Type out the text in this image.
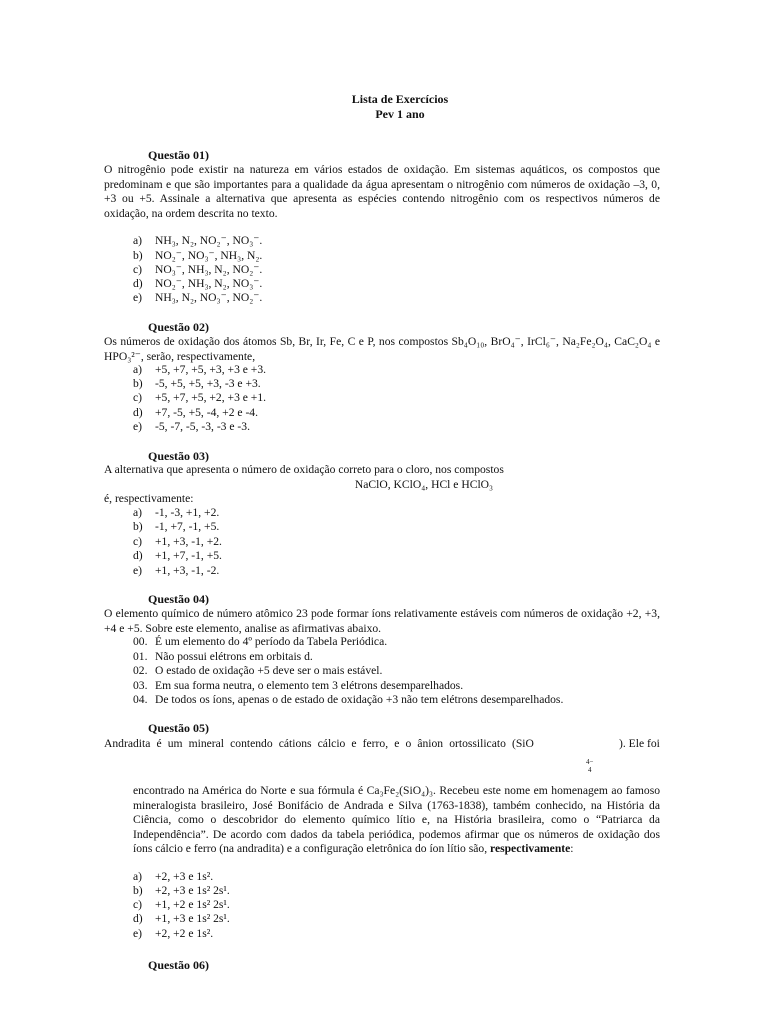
Lista de Exercícios
Pev 1 ano
Questão 01)
O nitrogênio pode existir na natureza em vários estados de oxidação. Em sistemas aquáticos, os compostos que predominam e que são importantes para a qualidade da água apresentam o nitrogênio com números de oxidação –3, 0, +3 ou +5. Assinale a alternativa que apresenta as espécies contendo nitrogênio com os respectivos números de oxidação, na ordem descrita no texto.
a) NH₃, N₂, NO₂⁻, NO₃⁻.
b) NO₂⁻, NO₃⁻, NH₃, N₂.
c) NO₃⁻, NH₃, N₂, NO₂⁻.
d) NO₂⁻, NH₃, N₂, NO₃⁻.
e) NH₃, N₂, NO₃⁻, NO₂⁻.
Questão 02)
Os números de oxidação dos átomos Sb, Br, Ir, Fe, C e P, nos compostos Sb₄O₁₀, BrO₄⁻, IrCl₆⁻, Na₂Fe₂O₄, CaC₂O₄ e HPO₃²⁻, serão, respectivamente,
a) +5, +7, +5, +3, +3 e +3.
b) -5, +5, +5, +3, -3 e +3.
c) +5, +7, +5, +2, +3 e +1.
d) +7, -5, +5, -4, +2 e -4.
e) -5, -7, -5, -3, -3 e -3.
Questão 03)
A alternativa que apresenta o número de oxidação correto para o cloro, nos compostos
NaClO, KClO₄, HCl e HClO₃
é, respectivamente:
a) -1, -3, +1, +2.
b) -1, +7, -1, +5.
c) +1, +3, -1, +2.
d) +1, +7, -1, +5.
e) +1, +3, -1, -2.
Questão 04)
O elemento químico de número atômico 23 pode formar íons relativamente estáveis com números de oxidação +2, +3, +4 e +5. Sobre este elemento, analise as afirmativas abaixo.
00. É um elemento do 4º período da Tabela Periódica.
01. Não possui elétrons em orbitais d.
02. O estado de oxidação +5 deve ser o mais estável.
03. Em sua forma neutra, o elemento tem 3 elétrons desemparelhados.
04. De todos os íons, apenas o de estado de oxidação +3 não tem elétrons desemparelhados.
Questão 05)
Andradita é um mineral contendo cátions cálcio e ferro, e o ânion ortossilicato (SiO	). Ele foi
4−
4
encontrado na América do Norte e sua fórmula é Ca₃Fe₂(SiO₄)₃. Recebeu este nome em homenagem ao famoso mineralogista brasileiro, José Bonifácio de Andrada e Silva (1763-1838), também conhecido, na História da Ciência, como o descobridor do elemento químico lítio e, na História brasileira, como o “Patriarca da Independência”. De acordo com dados da tabela periódica, podemos afirmar que os números de oxidação dos íons cálcio e ferro (na andradita) e a configuração eletrônica do íon lítio são, respectivamente:
a) +2, +3 e 1s².
b) +2, +3 e 1s² 2s¹.
c) +1, +2 e 1s² 2s¹.
d) +1, +3 e 1s² 2s¹.
e) +2, +2 e 1s².
Questão 06)
